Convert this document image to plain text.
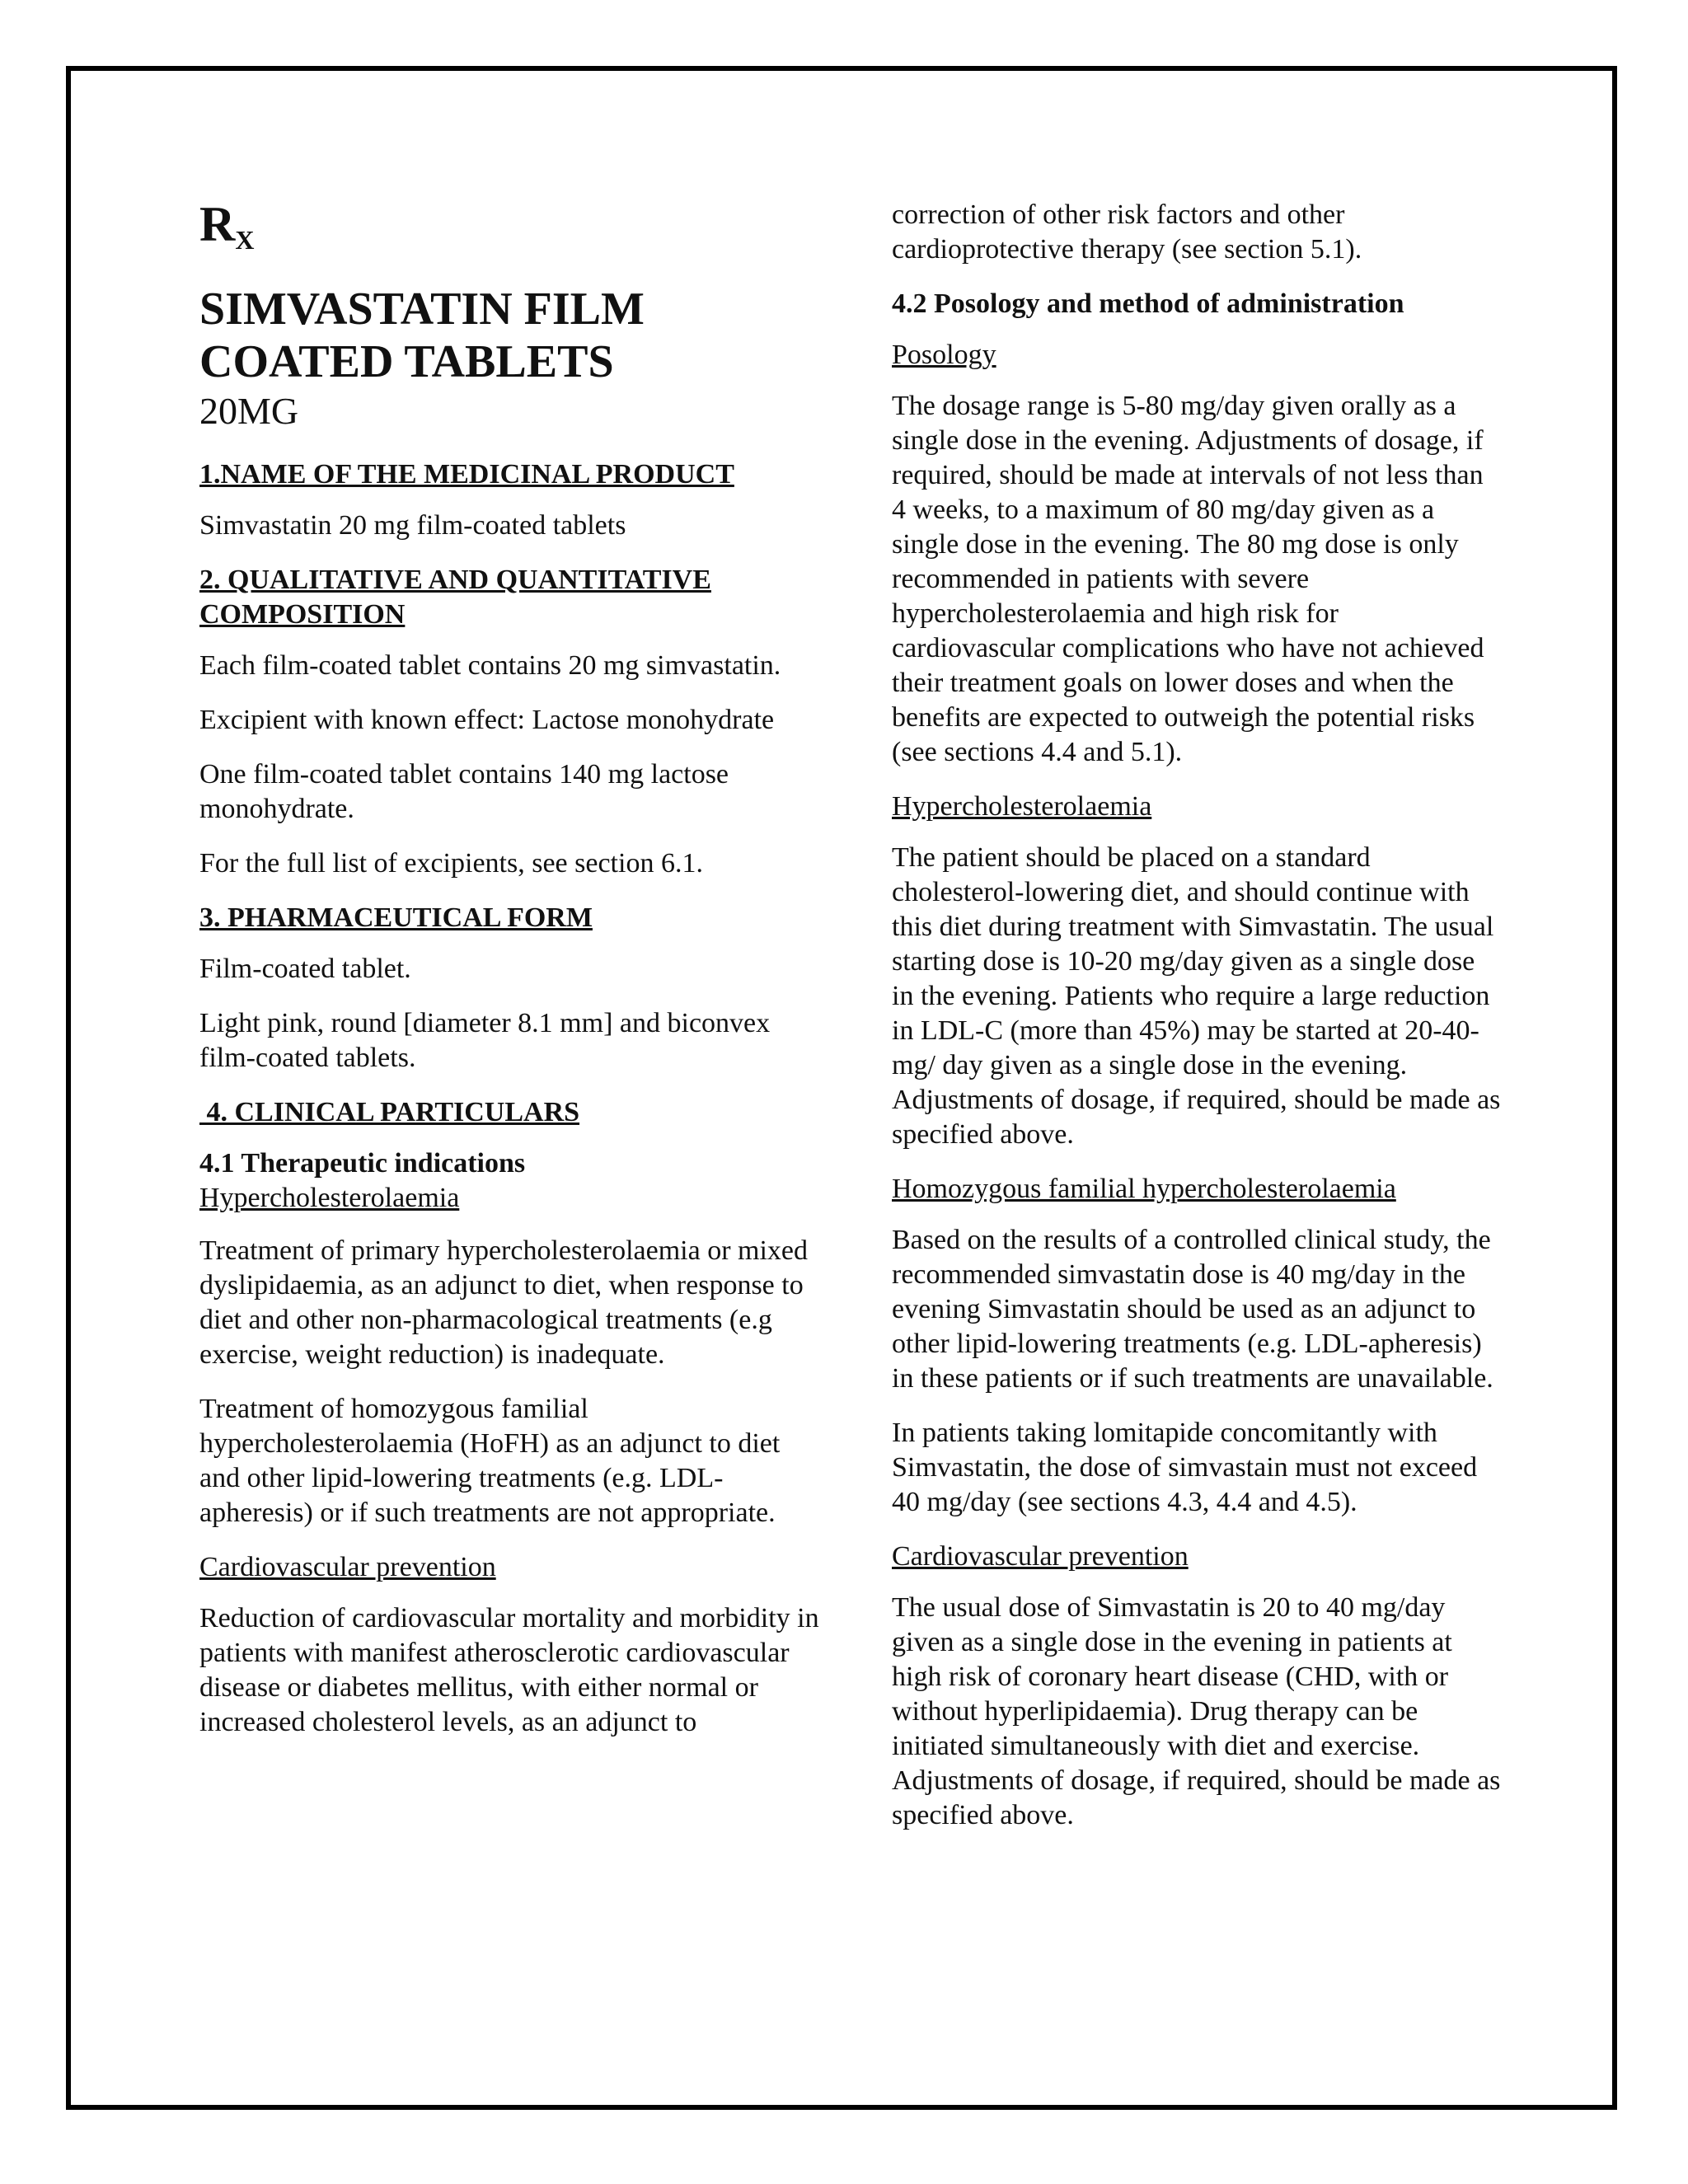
$R_X$

SIMVASTATIN FILM

COATED TABLETS

20MG

1.NAME OF THE MEDICINAL PRODUCT

Simvastatin 20 mg film-coated tablets

2. QUALITATIVE AND QUANTITATIVE COMPOSITION

Each film-coated tablet contains 20 mg simvastatin.

Excipient with known effect: Lactose monohydrate

One film-coated tablet contains 140 mg lactose monohydrate.

For the full list of excipients, see section 6.1.

3. PHARMACEUTICAL FORM

Film-coated tablet.

Light pink, round [diameter 8.1 mm] and biconvex film-coated tablets.

4. CLINICAL PARTICULARS

4.1 Therapeutic indications

Hypercholesterolaemia

Treatment of primary hypercholesterolaemia or mixed dyslipidaemia, as an adjunct to diet, when response to diet and other non-pharmacological treatments (e.g exercise, weight reduction) is inadequate.

Treatment of homozygous familial hypercholesterolaemia (HoFH) as an adjunct to diet and other lipid-lowering treatments (e.g. LDL-apheresis) or if such treatments are not appropriate.

Cardiovascular prevention

Reduction of cardiovascular mortality and morbidity in patients with manifest atherosclerotic cardiovascular disease or diabetes mellitus, with either normal or increased cholesterol levels, as an adjunct to

correction of other risk factors and other cardioprotective therapy (see section 5.1).

4.2 Posology and method of administration

Posology

The dosage range is 5-80 mg/day given orally as a single dose in the evening. Adjustments of dosage, if required, should be made at intervals of not less than 4 weeks, to a maximum of 80 mg/day given as a single dose in the evening. The 80 mg dose is only recommended in patients with severe hypercholesterolaemia and high risk for cardiovascular complications who have not achieved their treatment goals on lower doses and when the benefits are expected to outweigh the potential risks (see sections 4.4 and 5.1).

Hypercholesterolaemia

The patient should be placed on a standard cholesterol-lowering diet, and should continue with this diet during treatment with Simvastatin. The usual starting dose is 10-20 mg/day given as a single dose in the evening. Patients who require a large reduction in LDL-C (more than 45%) may be started at 20-40-mg/ day given as a single dose in the evening. Adjustments of dosage, if required, should be made as specified above.

Homozygous familial hypercholesterolaemia

Based on the results of a controlled clinical study, the recommended simvastatin dose is 40 mg/day in the evening Simvastatin should be used as an adjunct to other lipid-lowering treatments (e.g. LDL-apheresis) in these patients or if such treatments are unavailable.

In patients taking lomitapide concomitantly with Simvastatin, the dose of simvastain must not exceed 40 mg/day (see sections 4.3, 4.4 and 4.5).

Cardiovascular prevention

The usual dose of Simvastatin is 20 to 40 mg/day given as a single dose in the evening in patients at high risk of coronary heart disease (CHD, with or without hyperlipidaemia). Drug therapy can be initiated simultaneously with diet and exercise. Adjustments of dosage, if required, should be made as specified above.
